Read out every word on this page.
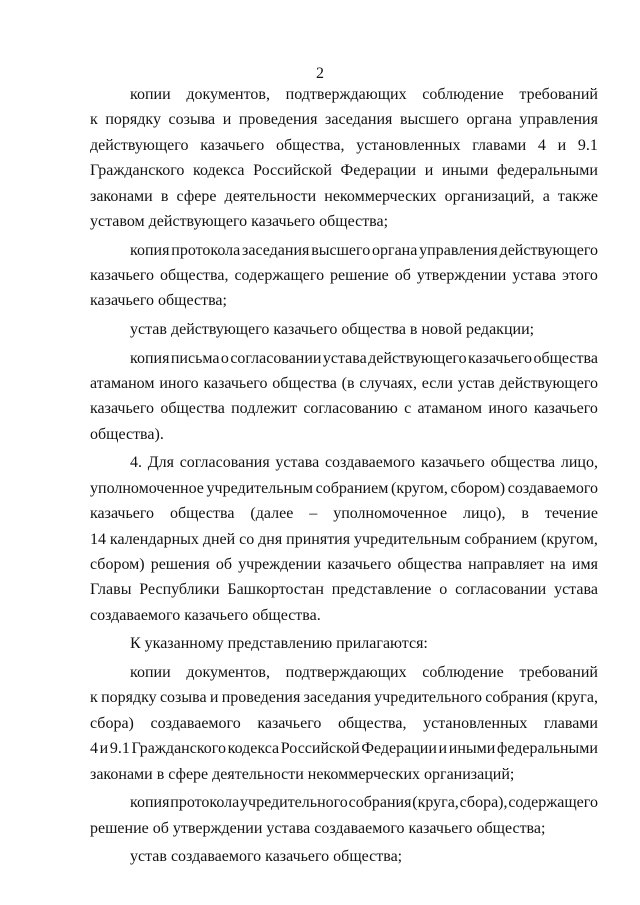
2
копии документов, подтверждающих соблюдение требований
к порядку созыва и проведения заседания высшего органа управления
действующего казачьего общества, установленных главами 4 и 9.1
Гражданского кодекса Российской Федерации и иными федеральными
законами в сфере деятельности некоммерческих организаций, а также
уставом действующего казачьего общества;
копия протокола заседания высшего органа управления действующего
казачьего общества, содержащего решение об утверждении устава этого
казачьего общества;
устав действующего казачьего общества в новой редакции;
копия письма о согласовании устава действующего казачьего общества
атаманом иного казачьего общества (в случаях, если устав действующего
казачьего общества подлежит согласованию с атаманом иного казачьего
общества).
4. Для согласования устава создаваемого казачьего общества лицо,
уполномоченное учредительным собранием (кругом, сбором) создаваемого
казачьего общества (далее – уполномоченное лицо), в течение
14 календарных дней со дня принятия учредительным собранием (кругом,
сбором) решения об учреждении казачьего общества направляет на имя
Главы Республики Башкортостан представление о согласовании устава
создаваемого казачьего общества.
К указанному представлению прилагаются:
копии документов, подтверждающих соблюдение требований
к порядку созыва и проведения заседания учредительного собрания (круга,
сбора) создаваемого казачьего общества, установленных главами
4 и 9.1 Гражданского кодекса Российской Федерации и иными федеральными
законами в сфере деятельности некоммерческих организаций;
копия протокола учредительного собрания (круга, сбора), содержащего
решение об утверждении устава создаваемого казачьего общества;
устав создаваемого казачьего общества;
